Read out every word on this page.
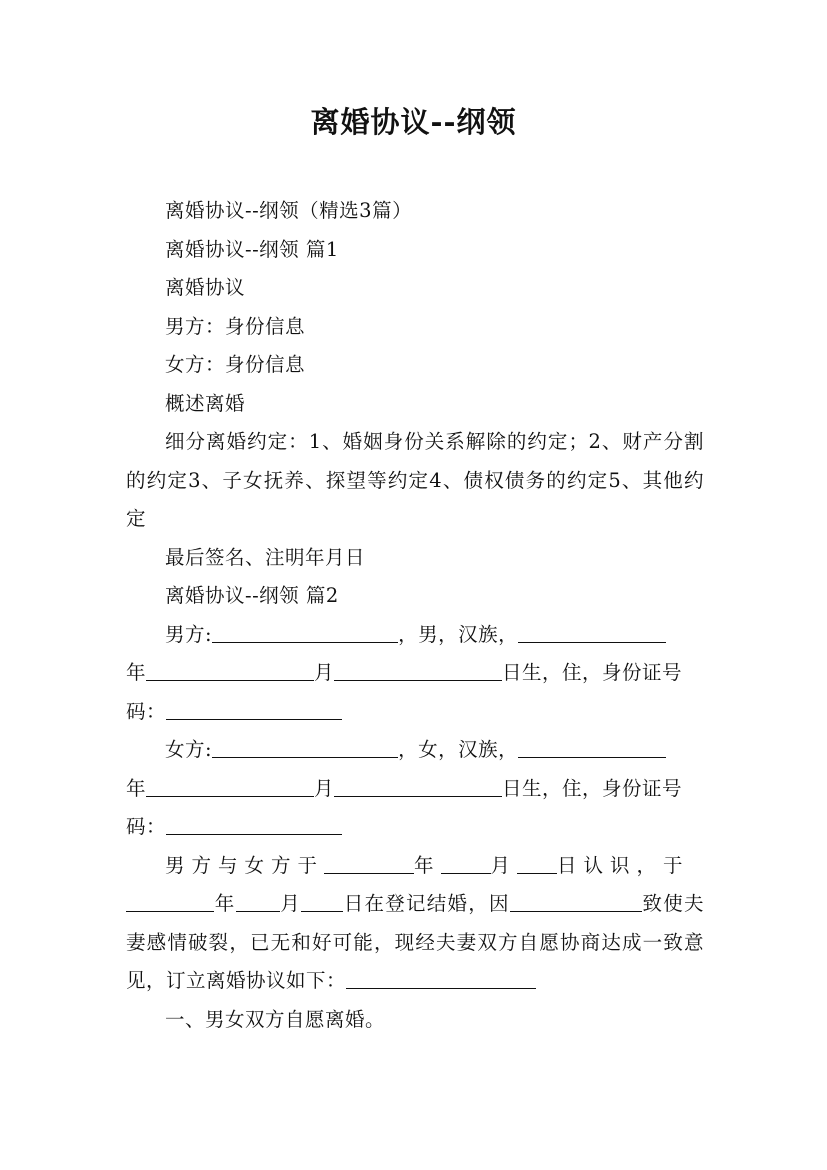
离婚协议--纲领

离婚协议--纲领（精选3篇）

离婚协议--纲领 篇1

离婚协议

男方：身份信息

女方：身份信息

概述离婚

细分离婚约定：1、婚姻身份关系解除的约定；2、财产分割的约定3、子女抚养、探望等约定4、债权债务的约定5、其他约定

最后签名、注明年月日

离婚协议--纲领 篇2

男方:	，男，汉族，
年	月	日生，住，身份证号
码：

女方:	，女，汉族，
年	月	日生，住，身份证号
码：

男方与女方于	年	月 日认识，于
年 月 日在登记结婚，因	致使夫妻感情破裂，已无和好可能，现经夫妻双方自愿协商达成一致意见，订立离婚协议如下：

一、男女双方自愿离婚。
